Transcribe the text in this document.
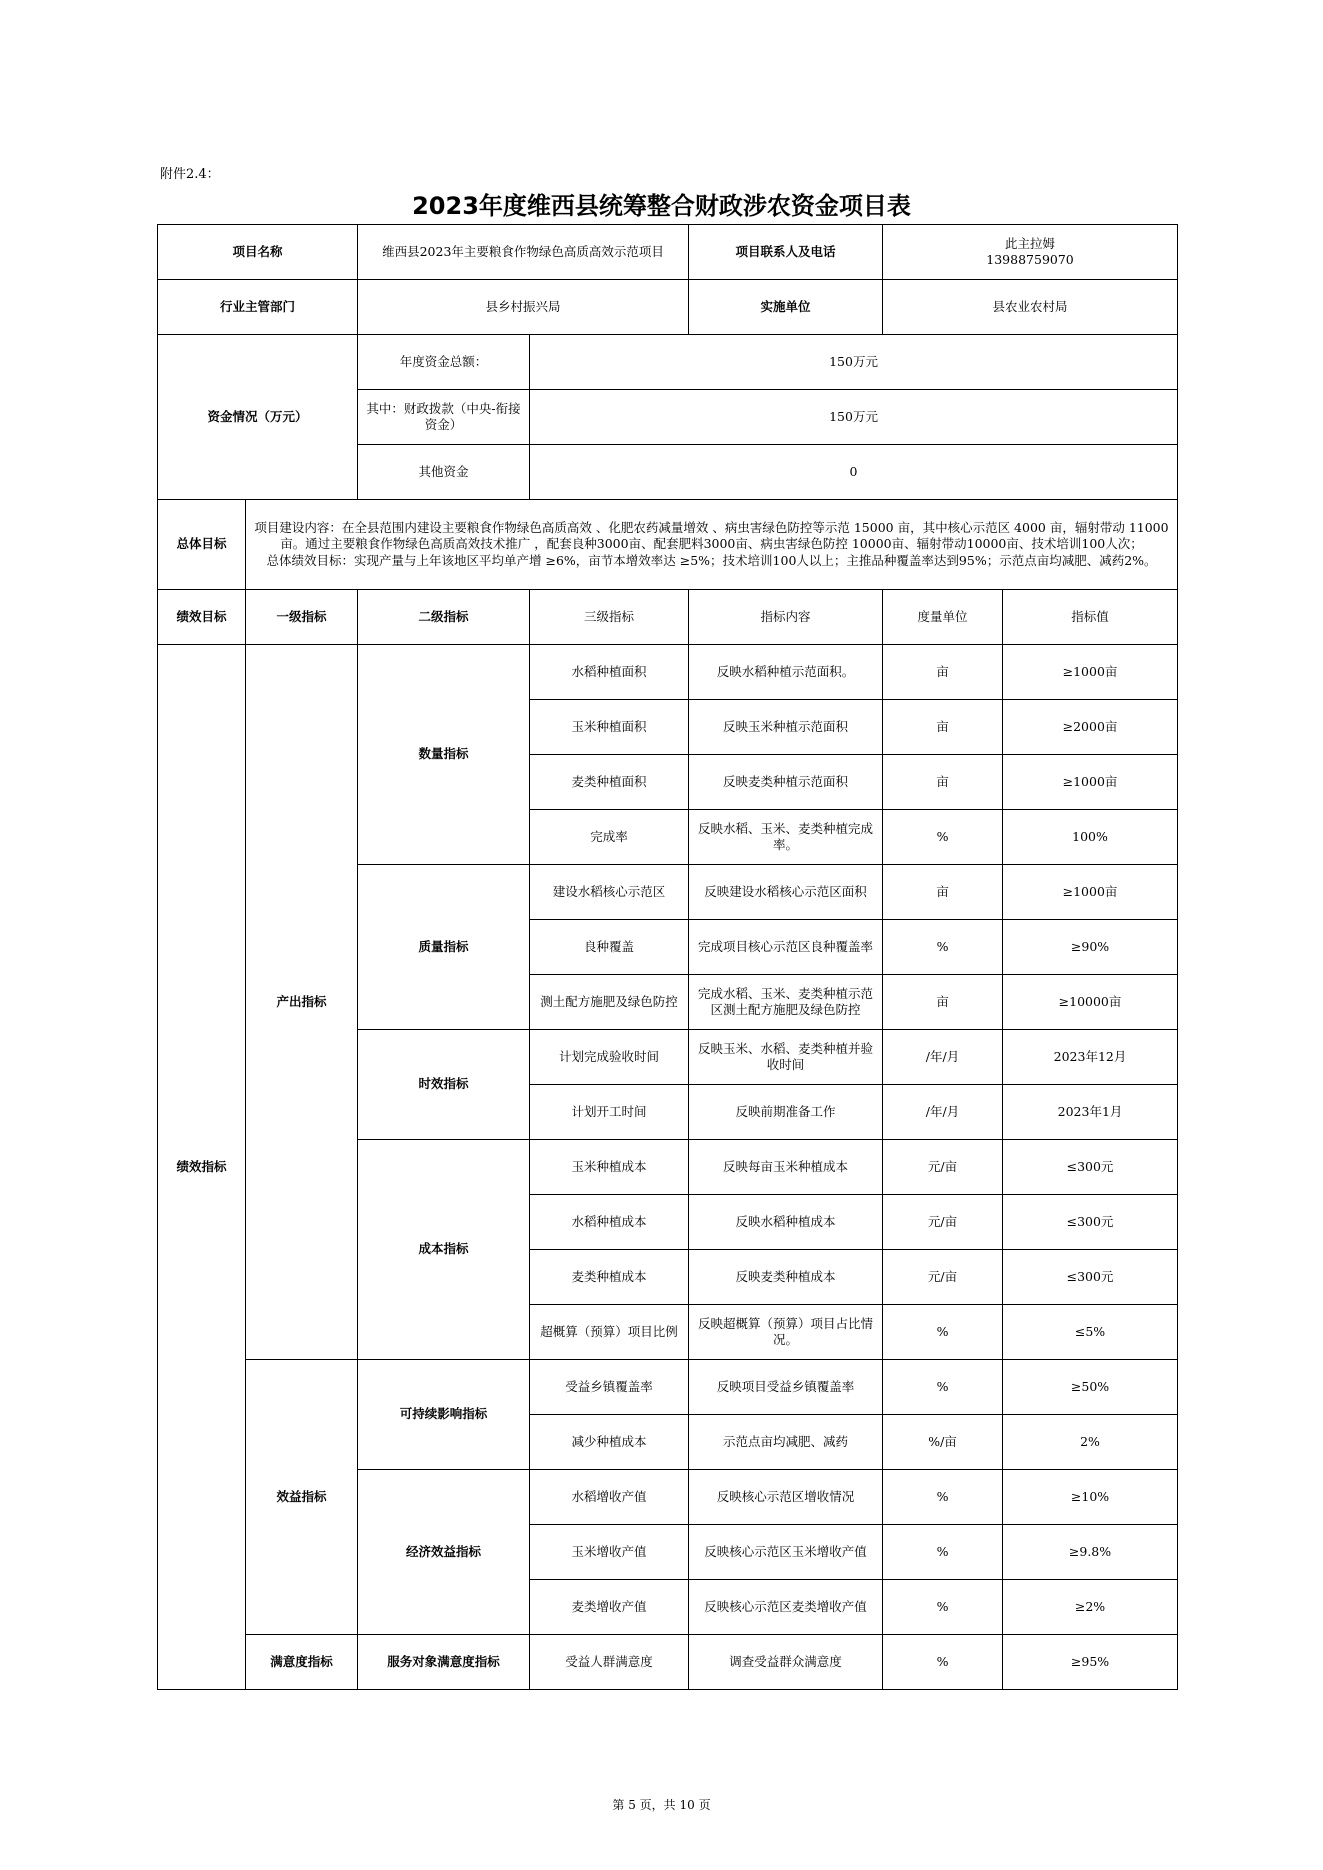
附件2.4：
2023年度维西县统筹整合财政涉农资金项目表
项目名称		维西县2023年主要粮食作物绿色高质高效示范项目		项目联系人及电话	此主拉姆
13988759070	

行业主管部门		县乡村振兴局		实施单位	县农业农村局	
资金情况（万元）		年度资金总额：	150万元			
		其中：财政拨款（中央-衔接资金）	150万元			
		其他资金	0			
总体目标	项目建设内容：在全县范围内建设主要粮食作物绿色高质高效 、化肥农药减量增效 、病虫害绿色防控等示范 15000 亩，其中核心示范区 4000 亩，辐射带动 11000 亩。通过主要粮食作物绿色高质高效技术推广 ，配套良种3000亩、配套肥料3000亩、病虫害绿色防控 10000亩、辐射带动10000亩、技术培训100人次；
总体绩效目标：实现产量与上年该地区平均单产增 ≥6%，亩节本增效率达 ≥5%；技术培训100人以上；主推品种覆盖率达到95%；示范点亩均减肥、减药2%。					

绩效目标	一级指标	二级指标	三级指标	指标内容	度量单位	指标值
绩效指标	产出指标	数量指标	水稻种植面积	反映水稻种植示范面积。	亩	≥1000亩
			玉米种植面积	反映玉米种植示范面积	亩	≥2000亩
			麦类种植面积	反映麦类种植示范面积	亩	≥1000亩
			完成率	反映水稻、玉米、麦类种植完成率。	%	100%
		质量指标	建设水稻核心示范区	反映建设水稻核心示范区面积	亩	≥1000亩
			良种覆盖	完成项目核心示范区良种覆盖率	%	≥90%
			测土配方施肥及绿色防控	完成水稻、玉米、麦类种植示范区测土配方施肥及绿色防控	亩	≥10000亩
		时效指标	计划完成验收时间	反映玉米、水稻、麦类种植并验收时间	/年/月	2023年12月
			计划开工时间	反映前期准备工作	/年/月	2023年1月
		成本指标	玉米种植成本	反映每亩玉米种植成本	元/亩	≤300元
			水稻种植成本	反映水稻种植成本	元/亩	≤300元
			麦类种植成本	反映麦类种植成本	元/亩	≤300元
			超概算（预算）项目比例	反映超概算（预算）项目占比情况。	%	≤5%
	效益指标	可持续影响指标	受益乡镇覆盖率	反映项目受益乡镇覆盖率	%	≥50%
			减少种植成本	示范点亩均减肥、减药	%/亩	2%
		经济效益指标	水稻增收产值	反映核心示范区增收情况	%	≥10%
			玉米增收产值	反映核心示范区玉米增收产值	%	≥9.8%
			麦类增收产值	反映核心示范区麦类增收产值	%	≥2%
	满意度指标	服务对象满意度指标	受益人群满意度	调查受益群众满意度	%	≥95%
第 5 页，共 10 页
